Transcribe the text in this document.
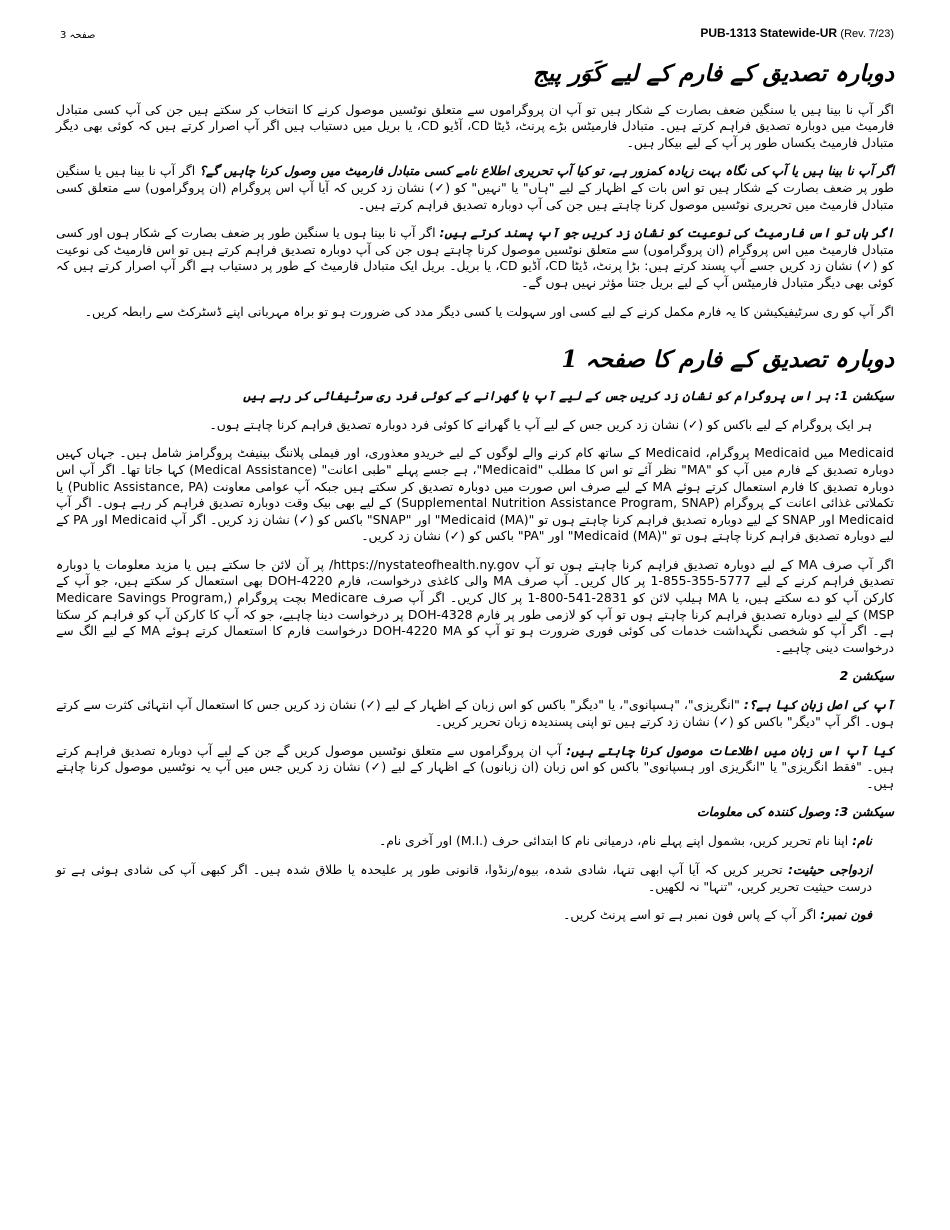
صفحہ 3	PUB-1313 Statewide-UR (Rev. 7/23)
دوبارہ تصدیق کے فارم کے لیے کَوَر پیج

اگر آپ نا بینا ہیں یا سنگین ضعف بصارت کے شکار ہیں تو آپ ان پروگراموں سے متعلق نوٹسیں موصول کرنے کا انتخاب کر سکتے ہیں جن کی آپ کسی متبادل فارمیٹ میں دوبارہ تصدیق فراہم کرتے ہیں۔ متبادل فارمیٹس بڑے پرنٹ، ڈیٹا CD، آڈیو CD، یا بریل میں دستیاب ہیں اگر آپ اصرار کرتے ہیں کہ کوئی بھی دیگر متبادل فارمیٹ یکساں طور پر آپ کے لیے بیکار ہیں۔

اگر آپ نا بینا ہیں یا آپ کی نگاہ بہت زیادہ کمزور ہے، تو کیا آپ تحریری اطلاع نامے کسی متبادل فارمیٹ میں وصول کرنا چاہیں گے؟ اگر آپ نا بینا ہیں یا سنگین طور پر ضعف بصارت کے شکار ہیں تو اس بات کے اظہار کے لیے "ہاں" یا "نہیں" کو (✓) نشان زد کریں کہ آیا آپ اس پروگرام (ان پروگراموں) سے متعلق کسی متبادل فارمیٹ میں تحریری نوٹسیں موصول کرنا چاہتے ہیں جن کی آپ دوبارہ تصدیق فراہم کرتے ہیں۔

اگر ہاں تو اس فارمیٹ کی نوعیت کو نشان زد کریں جو آپ پسند کرتے ہیں: اگر آپ نا بینا ہوں یا سنگین طور پر ضعف بصارت کے شکار ہوں اور کسی متبادل فارمیٹ میں اس پروگرام (ان پروگراموں) سے متعلق نوٹسیں موصول کرنا چاہتے ہوں جن کی آپ دوبارہ تصدیق فراہم کرتے ہیں تو اس فارمیٹ کی نوعیت کو (✓) نشان زد کریں جسے آپ پسند کرتے ہیں: بڑا پرنٹ، ڈیٹا CD، آڈیو CD، یا بریل۔ بریل ایک متبادل فارمیٹ کے طور پر دستیاب ہے اگر آپ اصرار کرتے ہیں کہ کوئی بھی دیگر متبادل فارمیٹس آپ کے لیے بریل جتنا مؤثر نہیں ہوں گے۔

اگر آپ کو ری سرٹیفیکیشن کا یہ فارم مکمل کرنے کے لیے کسی اور سہولت یا کسی دیگر مدد کی ضرورت ہو تو براہ مہربانی اپنے ڈسٹرکٹ سے رابطہ کریں۔

دوبارہ تصدیق کے فارم کا صفحہ 1
سیکشن 1: ہر اس پروگرام کو نشان زد کریں جس کے لیے آپ یا گھرانے کے کوئی فرد ری سرٹیفائی کر رہے ہیں

ہر ایک پروگرام کے لیے باکس کو (✓) نشان زد کریں جس کے لیے آپ یا گھرانے کا کوئی فرد دوبارہ تصدیق فراہم کرنا چاہتے ہوں۔

Medicaid میں Medicaid پروگرام، Medicaid کے ساتھ کام کرنے والے لوگوں کے لیے خریدو معذوری، اور فیملی پلاننگ بینیفٹ پروگرامز شامل ہیں۔ جہاں کہیں دوبارہ تصدیق کے فارم میں آپ کو "MA" نظر آئے تو اس کا مطلب "Medicaid"، ہے جسے پہلے "طبی اعانت" (Medical Assistance) کہا جاتا تھا۔ اگر آپ اس دوبارہ تصدیق کا فارم استعمال کرتے ہوئے MA کے لیے صرف اس صورت میں دوبارہ تصدیق کر سکتے ہیں جبکہ آپ عوامی معاونت (Public Assistance, PA) یا تکملاتی غذائی اعانت کے پروگرام (Supplemental Nutrition Assistance Program, SNAP) کے لیے بھی بیک وقت دوبارہ تصدیق فراہم کر رہے ہوں۔ اگر آپ Medicaid اور SNAP کے لیے دوبارہ تصدیق فراہم کرنا چاہتے ہوں تو "Medicaid (MA)" اور "SNAP" باکس کو (✓) نشان زد کریں۔ اگر آپ Medicaid اور PA کے لیے دوبارہ تصدیق فراہم کرنا چاہتے ہوں تو "Medicaid (MA)" اور "PA" باکس کو (✓) نشان زد کریں۔

اگر آپ صرف MA کے لیے دوبارہ تصدیق فراہم کرنا چاہتے ہوں تو آپ https://nystateofhealth.ny.gov/ پر آن لائن جا سکتے ہیں یا مزید معلومات یا دوبارہ تصدیق فراہم کرنے کے لیے 5777-355-855-1 پر کال کریں۔ آپ صرف MA والی کاغذی درخواست، فارم DOH-4220 بھی استعمال کر سکتے ہیں، جو آپ کے کارکن آپ کو دے سکتے ہیں، یا MA ہیلپ لائن کو 2831-541-800-1 پر کال کریں۔ اگر آپ صرف Medicare بچت پروگرام (Medicare Savings Program, MSP) کے لیے دوبارہ تصدیق فراہم کرنا چاہتے ہوں تو آپ کو لازمی طور پر فارم DOH-4328 پر درخواست دینا چاہیے، جو کہ آپ کا کارکن آپ کو فراہم کر سکتا ہے۔ اگر آپ کو شخصی نگہداشت خدمات کی کوئی فوری ضرورت ہو تو آپ کو DOH-4220 MA درخواست فارم کا استعمال کرتے ہوئے MA کے لیے الگ سے درخواست دینی چاہیے۔

سیکشن 2

آپ کی اصل زبان کیا ہے؟: "انگریزی"، "ہسپانوی"، یا "دیگر" باکس کو اس زبان کے اظہار کے لیے (✓) نشان زد کریں جس کا استعمال آپ انتہائی کثرت سے کرتے ہوں۔ اگر آپ "دیگر" باکس کو (✓) نشان زد کرتے ہیں تو اپنی پسندیدہ زبان تحریر کریں۔

کیا آپ اس زبان میں اطلاعات موصول کرنا چاہتے ہیں: آپ ان پروگراموں سے متعلق نوٹسیں موصول کریں گے جن کے لیے آپ دوبارہ تصدیق فراہم کرتے ہیں۔ "فقط انگریزی" یا "انگریزی اور ہسپانوی" باکس کو اس زبان (ان زبانوں) کے اظہار کے لیے (✓) نشان زد کریں جس میں آپ یہ نوٹسیں موصول کرنا چاہتے ہیں۔

سیکشن 3: وصول کنندہ کی معلومات

نام: اپنا نام تحریر کریں، بشمول اپنے پہلے نام، درمیانی نام کا ابتدائی حرف (.M.I) اور آخری نام۔

ازدواجی حیثیت: تحریر کریں کہ آیا آپ ابھی تنہا، شادی شدہ، بیوہ/رنڈوا، قانونی طور پر علیحدہ یا طلاق شدہ ہیں۔ اگر کبھی آپ کی شادی ہوئی ہے تو درست حیثیت تحریر کریں، "تنہا" نہ لکھیں۔

فون نمبر: اگر آپ کے پاس فون نمبر ہے تو اسے پرنٹ کریں۔
